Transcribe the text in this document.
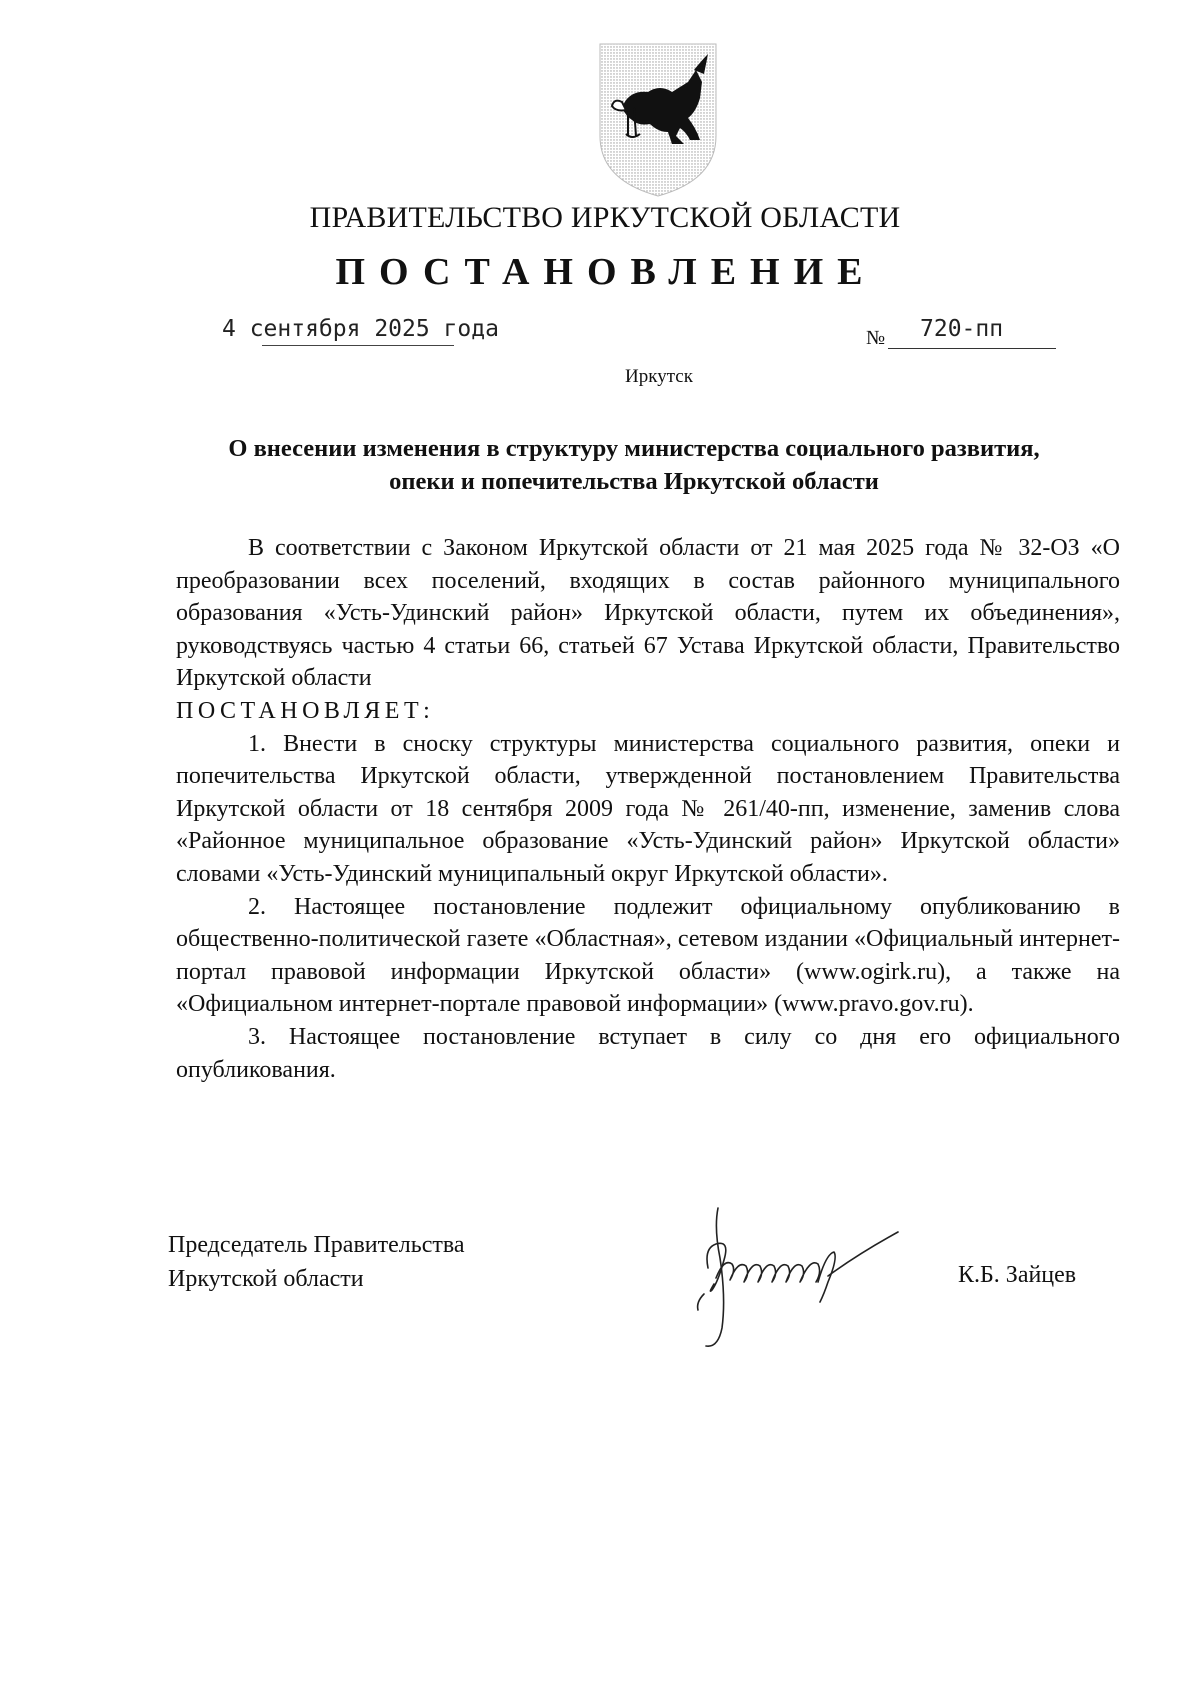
ПРАВИТЕЛЬСТВО ИРКУТСКОЙ ОБЛАСТИ
ПОСТАНОВЛЕНИЕ
4 сентября 2025 года	№ 720-пп
Иркутск
О внесении изменения в структуру министерства социального развития,
опеки и попечительства Иркутской области

В соответствии с Законом Иркутской области от 21 мая 2025 года № 32-ОЗ «О преобразовании всех поселений, входящих в состав районного муниципального образования «Усть-Удинский район» Иркутской области, путем их объединения», руководствуясь частью 4 статьи 66, статьей 67 Устава Иркутской области, Правительство Иркутской области

ПОСТАНОВЛЯЕТ:

1. Внести в сноску структуры министерства социального развития, опеки и попечительства Иркутской области, утвержденной постановлением Правительства Иркутской области от 18 сентября 2009 года № 261/40-пп, изменение, заменив слова «Районное муниципальное образование «Усть-Удинский район» Иркутской области» словами «Усть-Удинский муниципальный округ Иркутской области».

2. Настоящее постановление подлежит официальному опубликованию в общественно-политической газете «Областная», сетевом издании «Официальный интернет-портал правовой информации Иркутской области» (www.ogirk.ru), а также на «Официальном интернет-портале правовой информации» (www.pravo.gov.ru).

3. Настоящее постановление вступает в силу со дня его официального опубликования.

Председатель Правительства
Иркутской области	К.Б. Зайцев
